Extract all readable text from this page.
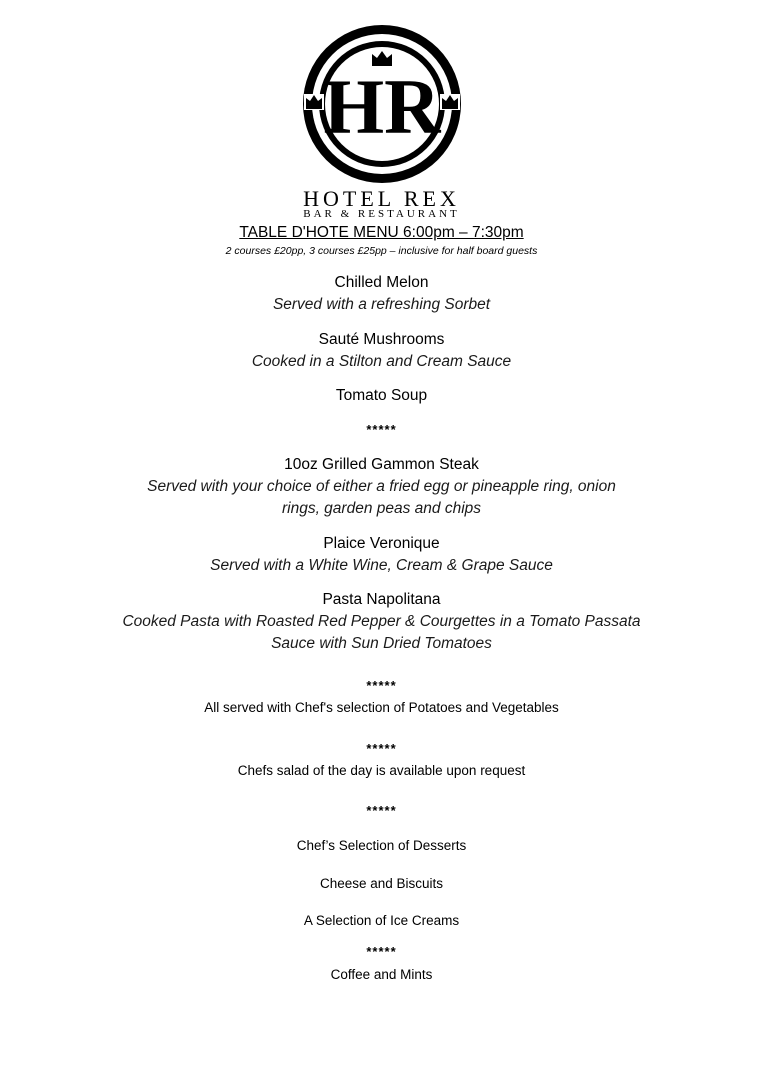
HR
HOTEL REX
BAR & RESTAURANT
TABLE D'HOTE MENU 6:00pm – 7:30pm
2 courses £20pp, 3 courses £25pp – inclusive for half board guests
Chilled Melon
Served with a refreshing Sorbet
Sauté Mushrooms
Cooked in a Stilton and Cream Sauce
Tomato Soup
*****
10oz Grilled Gammon Steak
Served with your choice of either a fried egg or pineapple ring, onion
rings, garden peas and chips
Plaice Veronique
Served with a White Wine, Cream & Grape Sauce
Pasta Napolitana
Cooked Pasta with Roasted Red Pepper & Courgettes in a Tomato Passata
Sauce with Sun Dried Tomatoes
*****
All served with Chef's selection of Potatoes and Vegetables
*****
Chefs salad of the day is available upon request
*****
Chef’s Selection of Desserts
Cheese and Biscuits
A Selection of Ice Creams
*****
Coffee and Mints
